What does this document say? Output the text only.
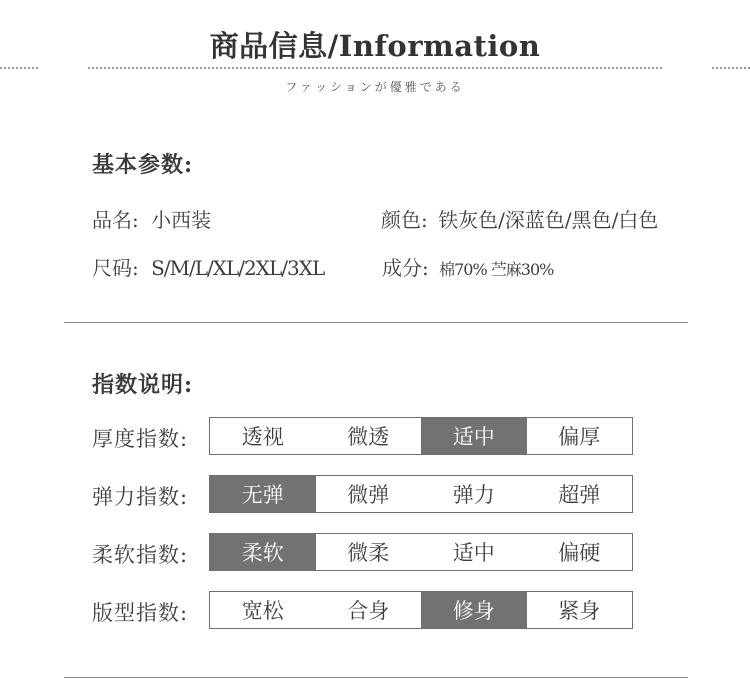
商品信息/Information
ファッションが優雅である
基本参数:
品名: 小西装	颜色: 铁灰色/深蓝色/黑色/白色
尺码: S/M/L/XL/2XL/3XL	成分: 棉70% 苎麻30%
指数说明:
厚度指数:	透视	微透	适中	偏厚
弹力指数:	无弹	微弹	弹力	超弹
柔软指数:	柔软	微柔	适中	偏硬
版型指数:	宽松	合身	修身	紧身
